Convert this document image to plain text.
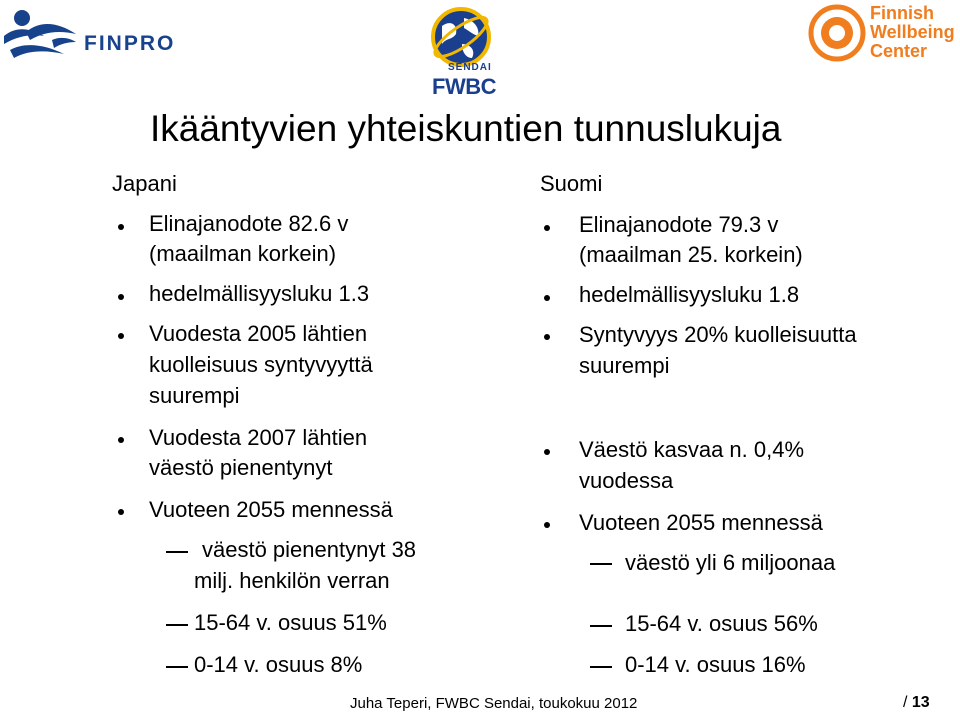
FINPRO
SENDAI
FWBC
Finnish
Wellbeing
Center
Ikääntyvien yhteiskuntien tunnuslukuja
Japani
Elinajanodote 82.6 v
(maailman korkein)
hedelmällisyysluku 1.3
Vuodesta 2005 lähtien
kuolleisuus syntyvyyttä
suurempi
Vuodesta 2007 lähtien
väestö pienentynyt
Vuoteen 2055 mennessä
väestö pienentynyt 38
milj. henkilön verran
15-64 v. osuus 51%
0-14 v. osuus 8%
Suomi
Elinajanodote 79.3 v
(maailman 25. korkein)
hedelmällisyysluku 1.8
Syntyvyys 20% kuolleisuutta
suurempi
Väestö kasvaa n. 0,4%
vuodessa
Vuoteen 2055 mennessä
väestö yli 6 miljoonaa
15-64 v. osuus 56%
0-14 v. osuus 16%
Juha Teperi, FWBC Sendai, toukokuu 2012	/ 13
